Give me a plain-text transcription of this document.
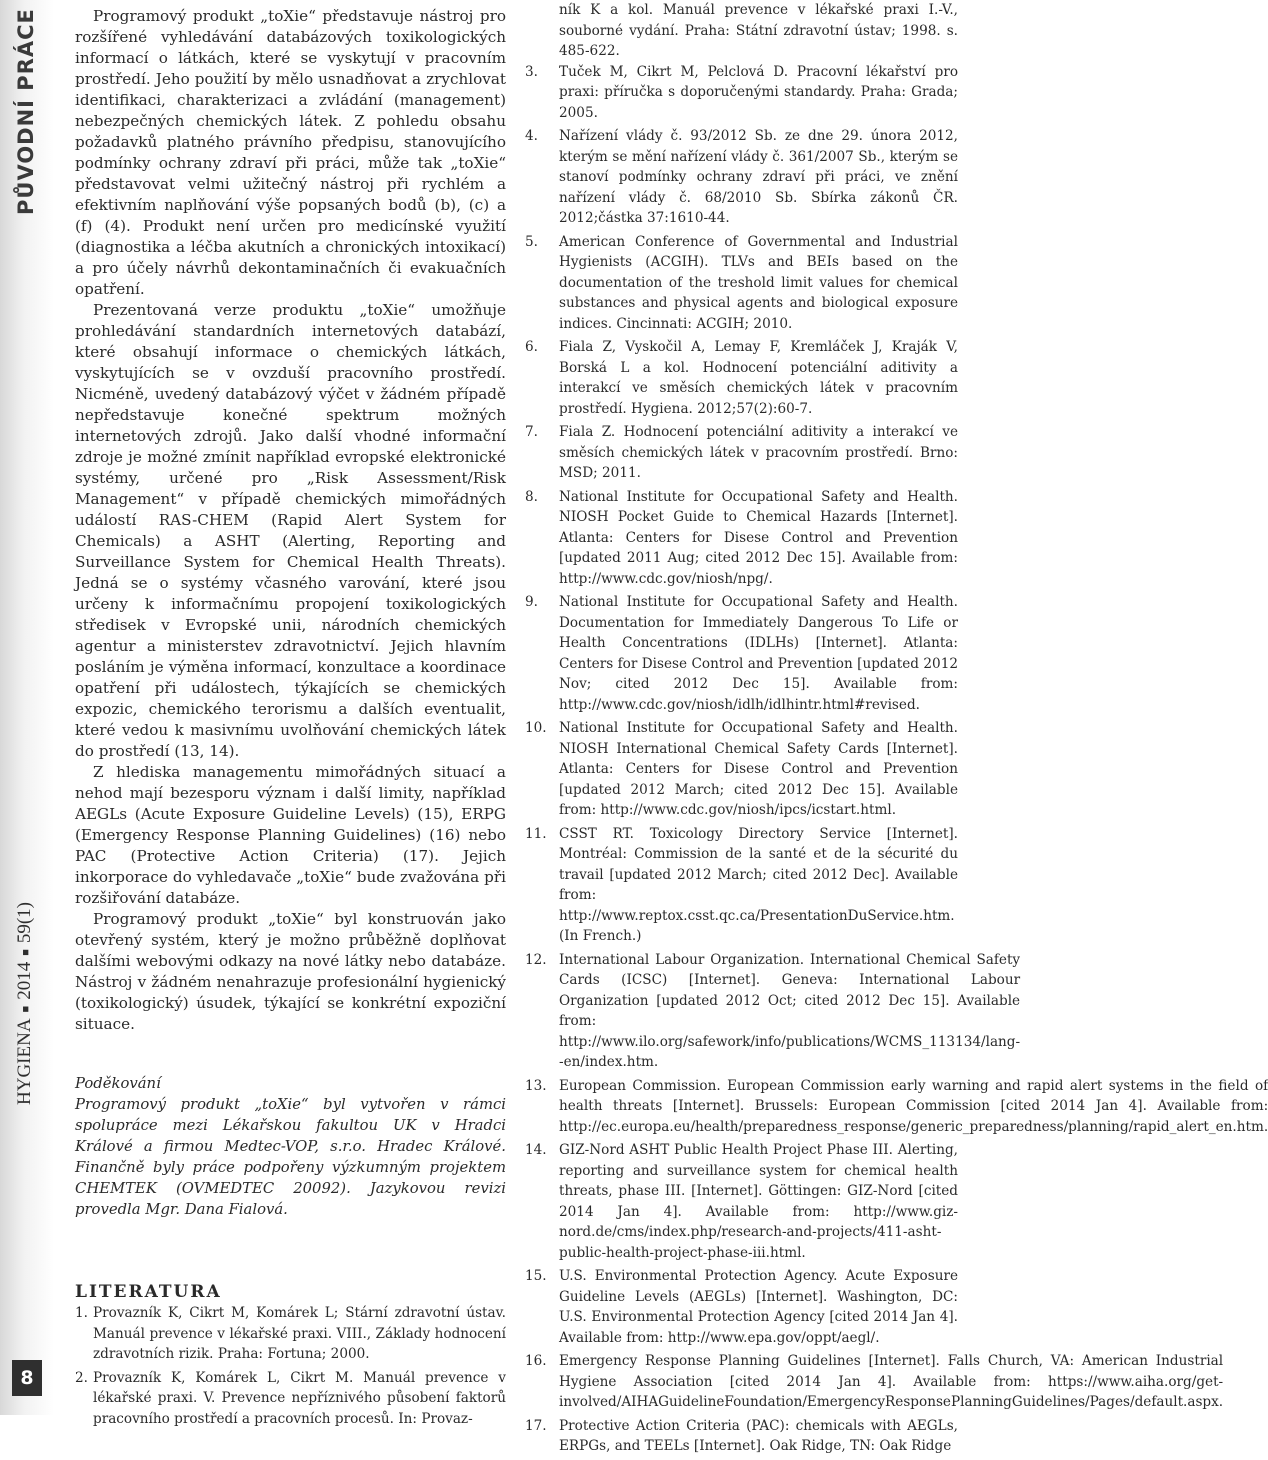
PŮVODNÍ PRÁCE
HYGIENA■2014■59(1)
8

Programový produkt „toXie“ představuje nástroj pro rozšířené vyhledávání databázových toxikologických informací o látkách, které se vyskytují v pracovním prostředí. Jeho použití by mělo usnadňovat a zrychlovat identifikaci, charakterizaci a zvládání (management) nebezpečných chemických látek. Z pohledu obsahu požadavků platného právního předpisu, stanovujícího podmínky ochrany zdraví při práci, může tak „toXie“ představovat velmi užitečný nástroj při rychlém a efektivním naplňování výše popsaných bodů (b), (c) a (f) (4). Produkt není určen pro medicínské využití (diagnostika a léčba akutních a chronických intoxikací) a pro účely návrhů dekontaminačních či evakuačních opatření.

Prezentovaná verze produktu „toXie“ umožňuje prohledávání standardních internetových databází, které obsahují informace o chemických látkách, vyskytujících se v ovzduší pracovního prostředí. Nicméně, uvedený databázový výčet v žádném případě nepředstavuje konečné spektrum možných internetových zdrojů. Jako další vhodné informační zdroje je možné zmínit například evropské elektronické systémy, určené pro „Risk Assessment/Risk Management“ v případě chemických mimořádných událostí RAS-CHEM (Rapid Alert System for Chemicals) a ASHT (Alerting, Reporting and Surveillance System for Chemical Health Threats). Jedná se o systémy včasného varování, které jsou určeny k informačnímu propojení toxikologických středisek v Evropské unii, národních chemických agentur a ministerstev zdravotnictví. Jejich hlavním posláním je výměna informací, konzultace a koordinace opatření při událostech, týkajících se chemických expozic, chemického terorismu a dalších eventualit, které vedou k masivnímu uvolňování chemických látek do prostředí (13, 14).

Z hlediska managementu mimořádných situací a nehod mají bezesporu význam i další limity, například AEGLs (Acute Exposure Guideline Levels) (15), ERPG (Emergency Response Planning Guidelines) (16) nebo PAC (Protective Action Criteria) (17). Jejich inkorporace do vyhledavače „toXie“ bude zvažována při rozšiřování databáze.

Programový produkt „toXie“ byl konstruován jako otevřený systém, který je možno průběžně doplňovat dalšími webovými odkazy na nové látky nebo databáze. Nástroj v žádném nenahrazuje profesionální hygienický (toxikologický) úsudek, týkající se konkrétní expoziční situace.

Poděkování
Programový produkt „toXie“ byl vytvořen v rámci spolupráce mezi Lékařskou fakultou UK v Hradci Králové a firmou Medtec-VOP, s.r.o. Hradec Králové. Finančně byly práce podpořeny výzkumným projektem CHEMTEK (OVMEDTEC 20092). Jazykovou revizi provedla Mgr. Dana Fialová.
LITERATURA
1. Provazník K, Cikrt M, Komárek L; Stární zdravotní ústav. Manuál prevence v lékařské praxi. VIII., Základy hodnocení zdravotních rizik. Praha: Fortuna; 2000.
2. Provazník K, Komárek L, Cikrt M. Manuál prevence v lékařské praxi. V. Prevence nepříznivého působení faktorů pracovního prostředí a pracovních procesů. In: Provaz-
ník K a kol. Manuál prevence v lékařské praxi I.-V., souborné vydání. Praha: Státní zdravotní ústav; 1998. s. 485-622.
3.	Tuček M, Cikrt M, Pelclová D. Pracovní lékařství pro praxi: příručka s doporučenými standardy. Praha: Grada; 2005.
4.	Nařízení vlády č. 93/2012 Sb. ze dne 29. února 2012, kterým se mění nařízení vlády č. 361/2007 Sb., kterým se stanoví podmínky ochrany zdraví při práci, ve znění nařízení vlády č. 68/2010 Sb. Sbírka zákonů ČR. 2012;částka 37:1610-44.
5.	American Conference of Governmental and Industrial Hygienists (ACGIH). TLVs and BEIs based on the documentation of the treshold limit values for chemical substances and physical agents and biological exposure indices. Cincinnati: ACGIH; 2010.
6.	Fiala Z, Vyskočil A, Lemay F, Kremláček J, Kraják V, Borská L a kol. Hodnocení potenciální aditivity a interakcí ve směsích chemických látek v pracovním prostředí. Hygiena. 2012;57(2):60-7.
7.	Fiala Z. Hodnocení potenciální aditivity a interakcí ve směsích chemických látek v pracovním prostředí. Brno: MSD; 2011.
8.	National Institute for Occupational Safety and Health. NIOSH Pocket Guide to Chemical Hazards [Internet]. Atlanta: Centers for Disese Control and Prevention [updated 2011 Aug; cited 2012 Dec 15]. Available from: http://www.cdc.gov/niosh/npg/.
9.	National Institute for Occupational Safety and Health. Documentation for Immediately Dangerous To Life or Health Concentrations (IDLHs) [Internet]. Atlanta: Centers for Disese Control and Prevention [updated 2012 Nov; cited 2012 Dec 15]. Available from: http://www.cdc.gov/niosh/idlh/idlhintr.html#revised.
10. National Institute for Occupational Safety and Health. NIOSH International Chemical Safety Cards [Internet]. Atlanta: Centers for Disese Control and Prevention [updated 2012 March; cited 2012 Dec 15]. Available from: http://www.cdc.gov/niosh/ipcs/icstart.html.
11. CSST RT. Toxicology Directory Service [Internet]. Montréal: Commission de la santé et de la sécurité du travail [updated 2012 March; cited 2012 Dec]. Available from: http://www.reptox.csst.qc.ca/PresentationDuService.htm. (In French.)
12. International Labour Organization. International Chemical Safety Cards (ICSC) [Internet]. Geneva: International Labour Organization [updated 2012 Oct; cited 2012 Dec 15]. Available from: http://www.ilo.org/safework/info/publications/WCMS_113134/lang--en/index.htm.
13. European Commission. European Commission early warning and rapid alert systems in the field of health threats [Internet]. Brussels: European Commission [cited 2014 Jan 4]. Available from: http://ec.europa.eu/health/preparedness_response/generic_preparedness/planning/rapid_alert_en.htm.
14. GIZ-Nord ASHT Public Health Project Phase III. Alerting, reporting and surveillance system for chemical health threats, phase III. [Internet]. Göttingen: GIZ-Nord [cited 2014 Jan 4]. Available from: http://www.giz-nord.de/cms/index.php/research-and-projects/411-asht-public-health-project-phase-iii.html.
15. U.S. Environmental Protection Agency. Acute Exposure Guideline Levels (AEGLs) [Internet]. Washington, DC: U.S. Environmental Protection Agency [cited 2014 Jan 4]. Available from: http://www.epa.gov/oppt/aegl/.
16. Emergency Response Planning Guidelines [Internet]. Falls Church, VA: American Industrial Hygiene Association [cited 2014 Jan 4]. Available from: https://www.aiha.org/get-involved/AIHAGuidelineFoundation/EmergencyResponsePlanningGuidelines/Pages/default.aspx.
17. Protective Action Criteria (PAC): chemicals with AEGLs, ERPGs, and TEELs [Internet]. Oak Ridge, TN: Oak Ridge
